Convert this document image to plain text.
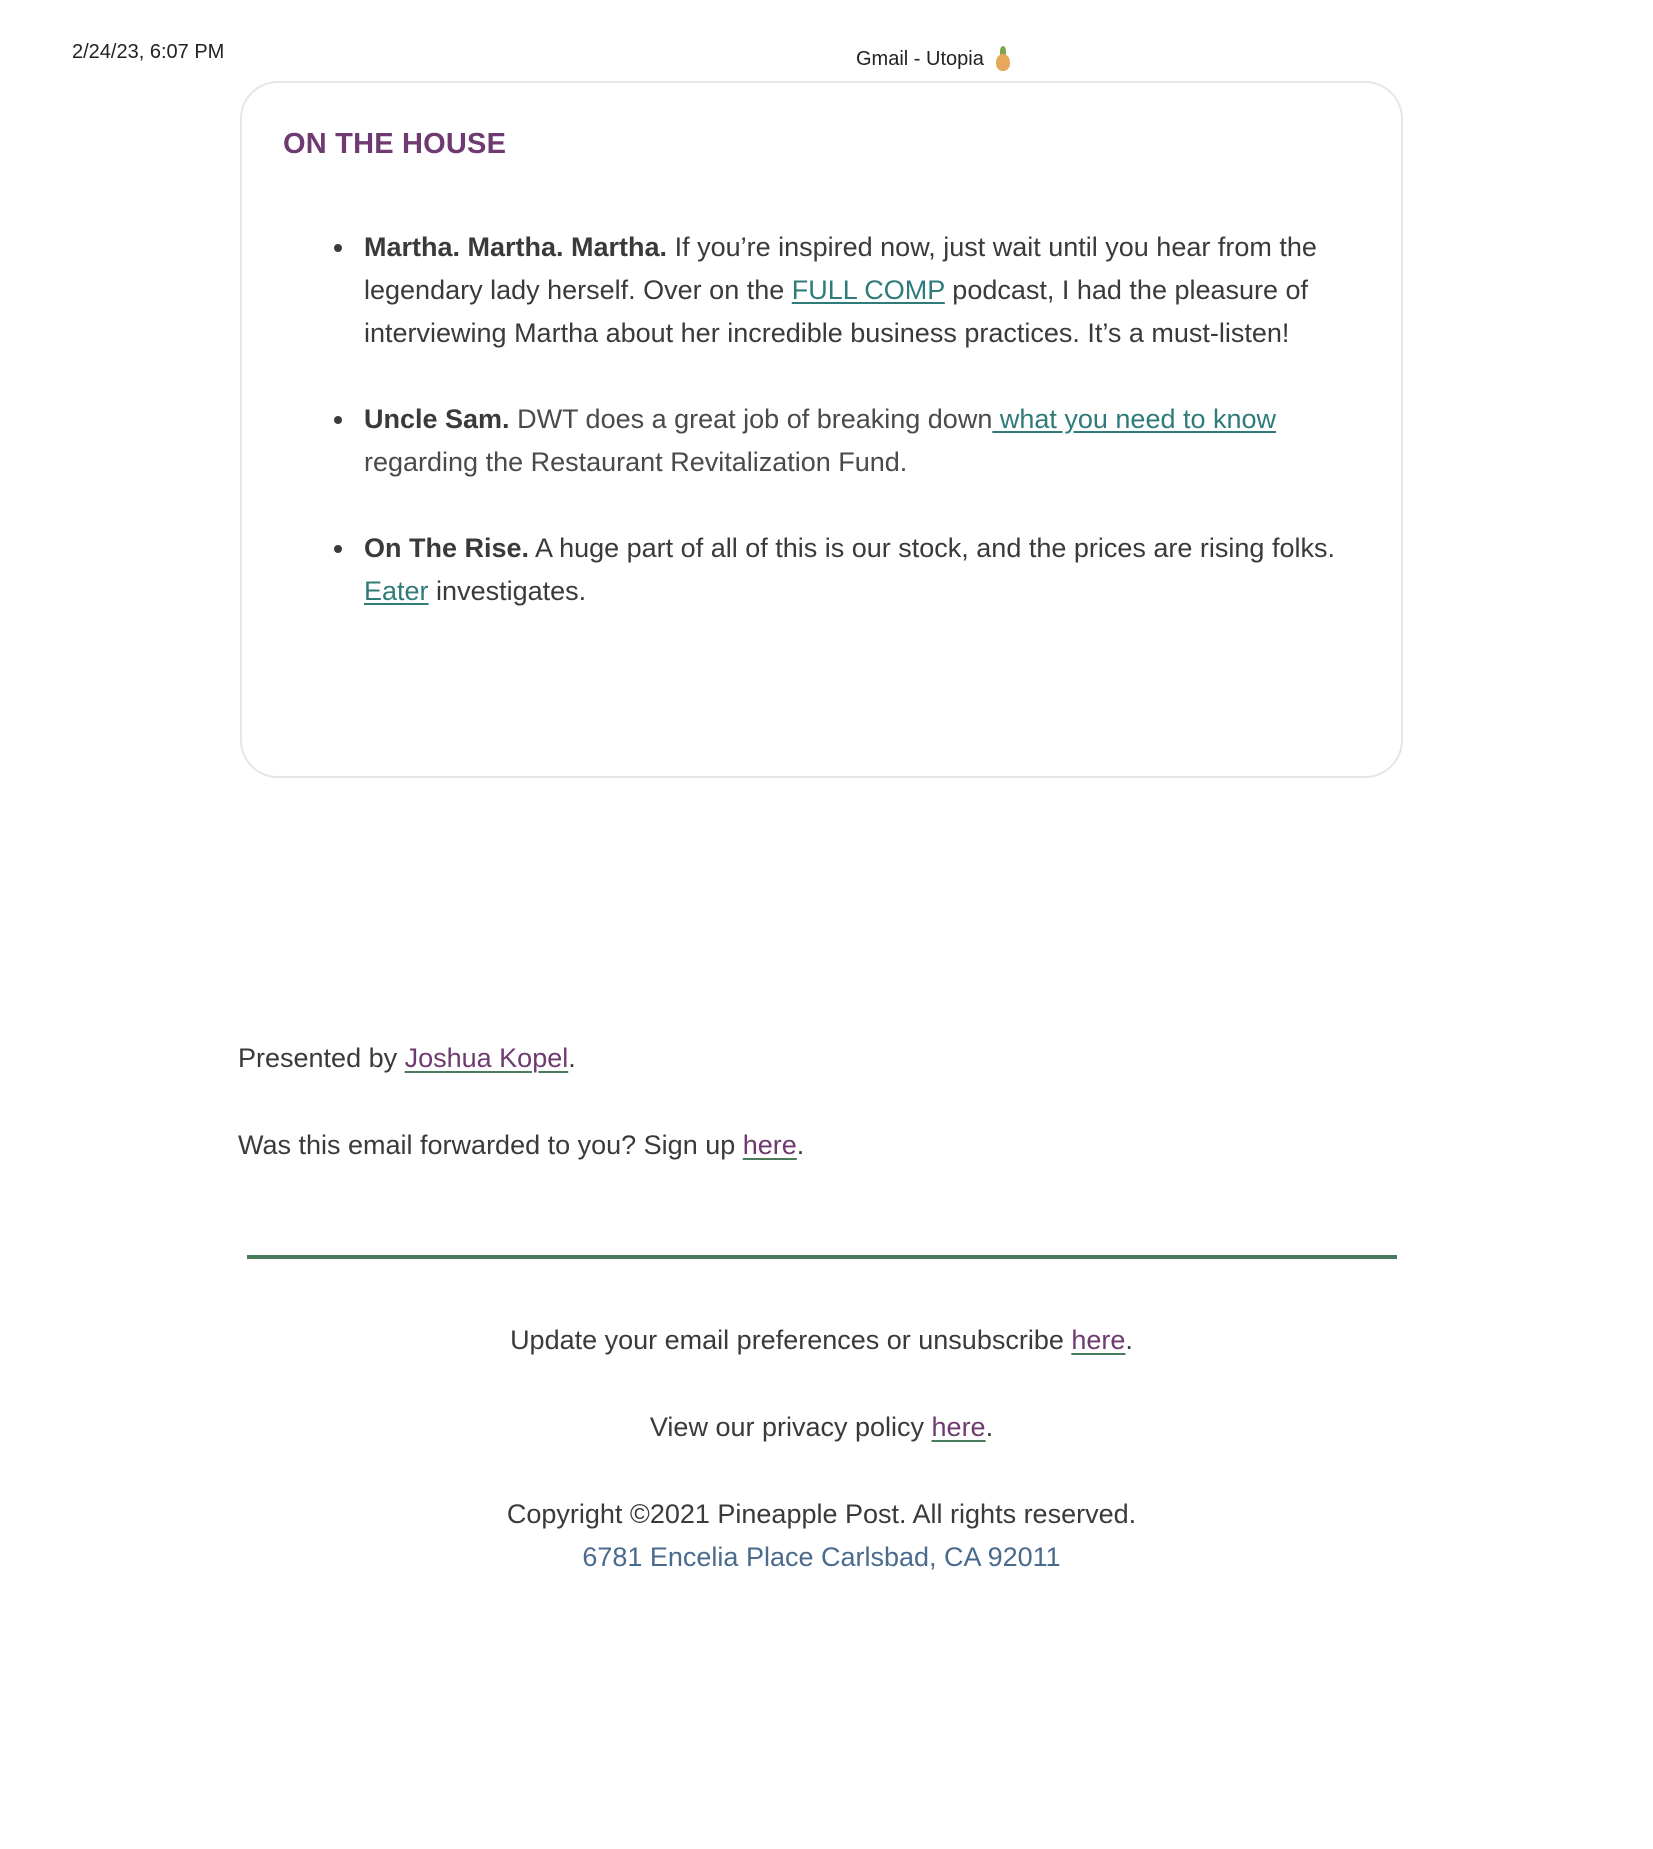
2/24/23, 6:07 PM	Gmail - Utopia
ON THE HOUSE
Martha. Martha. Martha. If you’re inspired now, just wait until you hear from the legendary lady herself. Over on the FULL COMP podcast, I had the pleasure of interviewing Martha about her incredible business practices. It’s a must-listen!
Uncle Sam. DWT does a great job of breaking down what you need to know regarding the Restaurant Revitalization Fund.
On The Rise. A huge part of all of this is our stock, and the prices are rising folks. Eater investigates.

Presented by Joshua Kopel.

Was this email forwarded to you? Sign up here.

Update your email preferences or unsubscribe here.

View our privacy policy here.

Copyright ©2021 Pineapple Post. All rights reserved.

6781 Encelia Place Carlsbad, CA 92011
